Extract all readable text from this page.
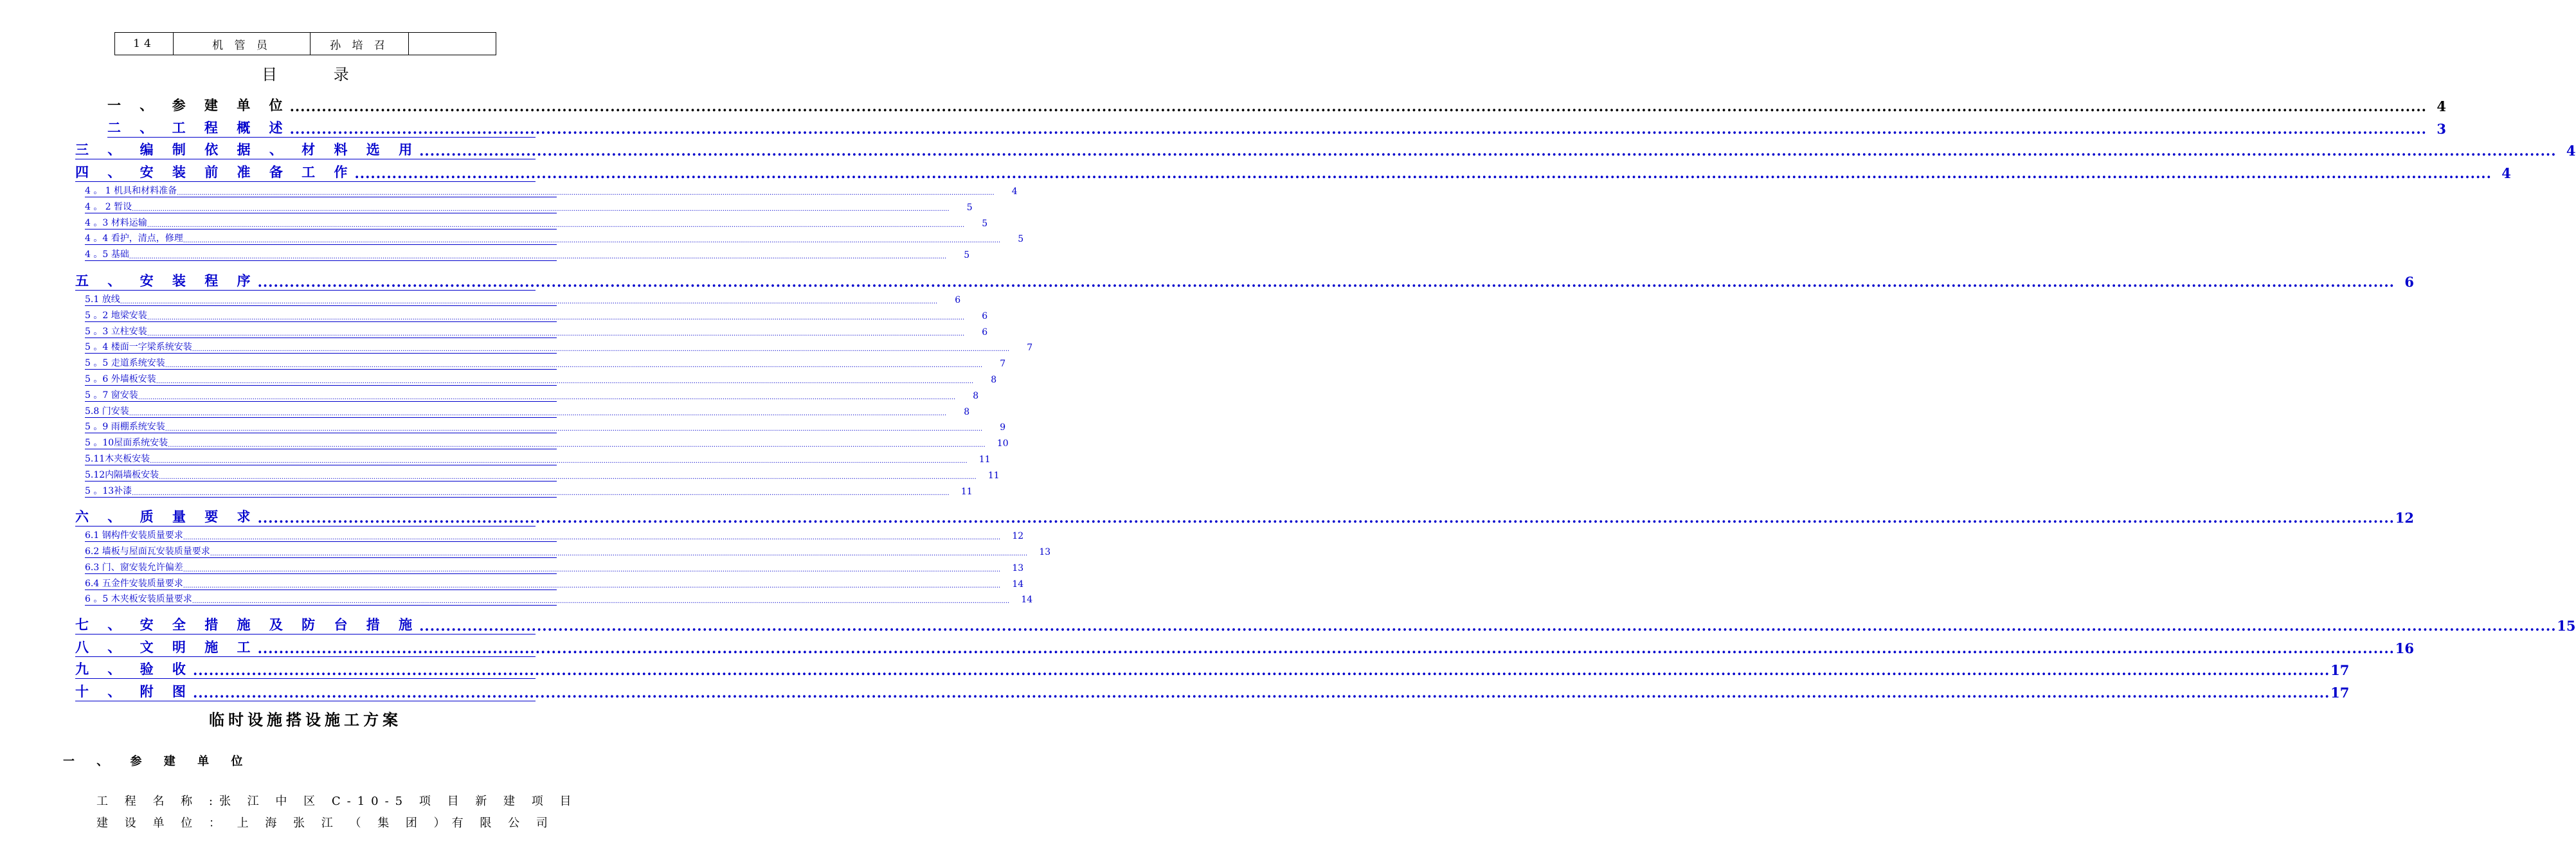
14	机 管 员	孙 培 召	
目 录
一 、 参 建 单 位 ................................................................................................................................................................................................................................................................................................................................................................................................................ 4
二 、 工 程 概 述 ................................................................................................................................................................................................................................................................................................................................................................................................................ 3
三 、 编 制 依 据 、 材 料 选 用 ................................................................................................................................................................................................................................................................................................................................................................................................................ 4
四 、 安 装 前 准 备 工 作 ................................................................................................................................................................................................................................................................................................................................................................................................................ 4
4 。 1 机具和材料准备 ................................................................................................................................................................................................................................................................................................................................................................................................................	4
4 。 2 暂设 ................................................................................................................................................................................................................................................................................................................................................................................................................	5
4 。3 材料运输 ................................................................................................................................................................................................................................................................................................................................................................................................................	5
4 。4 看护，清点，修理 ................................................................................................................................................................................................................................................................................................................................................................................................................	5
4 。5 基础 ................................................................................................................................................................................................................................................................................................................................................................................................................	5
五 、 安 装 程 序 ................................................................................................................................................................................................................................................................................................................................................................................................................ 6
5.1 放线 ................................................................................................................................................................................................................................................................................................................................................................................................................	6
5 。2 地梁安装 ................................................................................................................................................................................................................................................................................................................................................................................................................	6
5 。3 立柱安装 ................................................................................................................................................................................................................................................................................................................................................................................................................	6
5 。4 楼面一字梁系统安装 ................................................................................................................................................................................................................................................................................................................................................................................................................	7
5 。5 走道系统安装 ................................................................................................................................................................................................................................................................................................................................................................................................................	7
5 。6 外墙板安装 ................................................................................................................................................................................................................................................................................................................................................................................................................	8
5 。7 窗安装 ................................................................................................................................................................................................................................................................................................................................................................................................................	8
5.8 门安装 ................................................................................................................................................................................................................................................................................................................................................................................................................	8
5 。9 雨棚系统安装 ................................................................................................................................................................................................................................................................................................................................................................................................................	9
5 。10屋面系统安装 ................................................................................................................................................................................................................................................................................................................................................................................................................	10
5.11木夹板安装 ................................................................................................................................................................................................................................................................................................................................................................................................................	11
5.12内隔墙板安装 ................................................................................................................................................................................................................................................................................................................................................................................................................	11
5 。13补漆 ................................................................................................................................................................................................................................................................................................................................................................................................................	11
六 、 质 量 要 求 ................................................................................................................................................................................................................................................................................................................................................................................................................ 12
6.1 钢构件安装质量要求 ................................................................................................................................................................................................................................................................................................................................................................................................................	12
6.2 墙板与屋面瓦安装质量要求 ................................................................................................................................................................................................................................................................................................................................................................................................................	13
6.3 门、窗安装允许偏差 ................................................................................................................................................................................................................................................................................................................................................................................................................	13
6.4 五金件安装质量要求 ................................................................................................................................................................................................................................................................................................................................................................................................................	14
6 。5 木夹板安装质量要求 ................................................................................................................................................................................................................................................................................................................................................................................................................	14
七 、 安 全 措 施 及 防 台 措 施 ................................................................................................................................................................................................................................................................................................................................................................................................................ 15
八 、 文 明 施 工 ................................................................................................................................................................................................................................................................................................................................................................................................................ 16
九 、 验 收 ................................................................................................................................................................................................................................................................................................................................................................................................................ 17
十 、 附 图 ................................................................................................................................................................................................................................................................................................................................................................................................................ 17
临时设施搭设施工方案
一 、 参 建 单 位
工 程 名 称 :张 江 中 区 C-10-5 项 目 新 建 项 目
建 设 单 位 ： 上 海 张 江 （ 集 团 ）有 限 公 司
